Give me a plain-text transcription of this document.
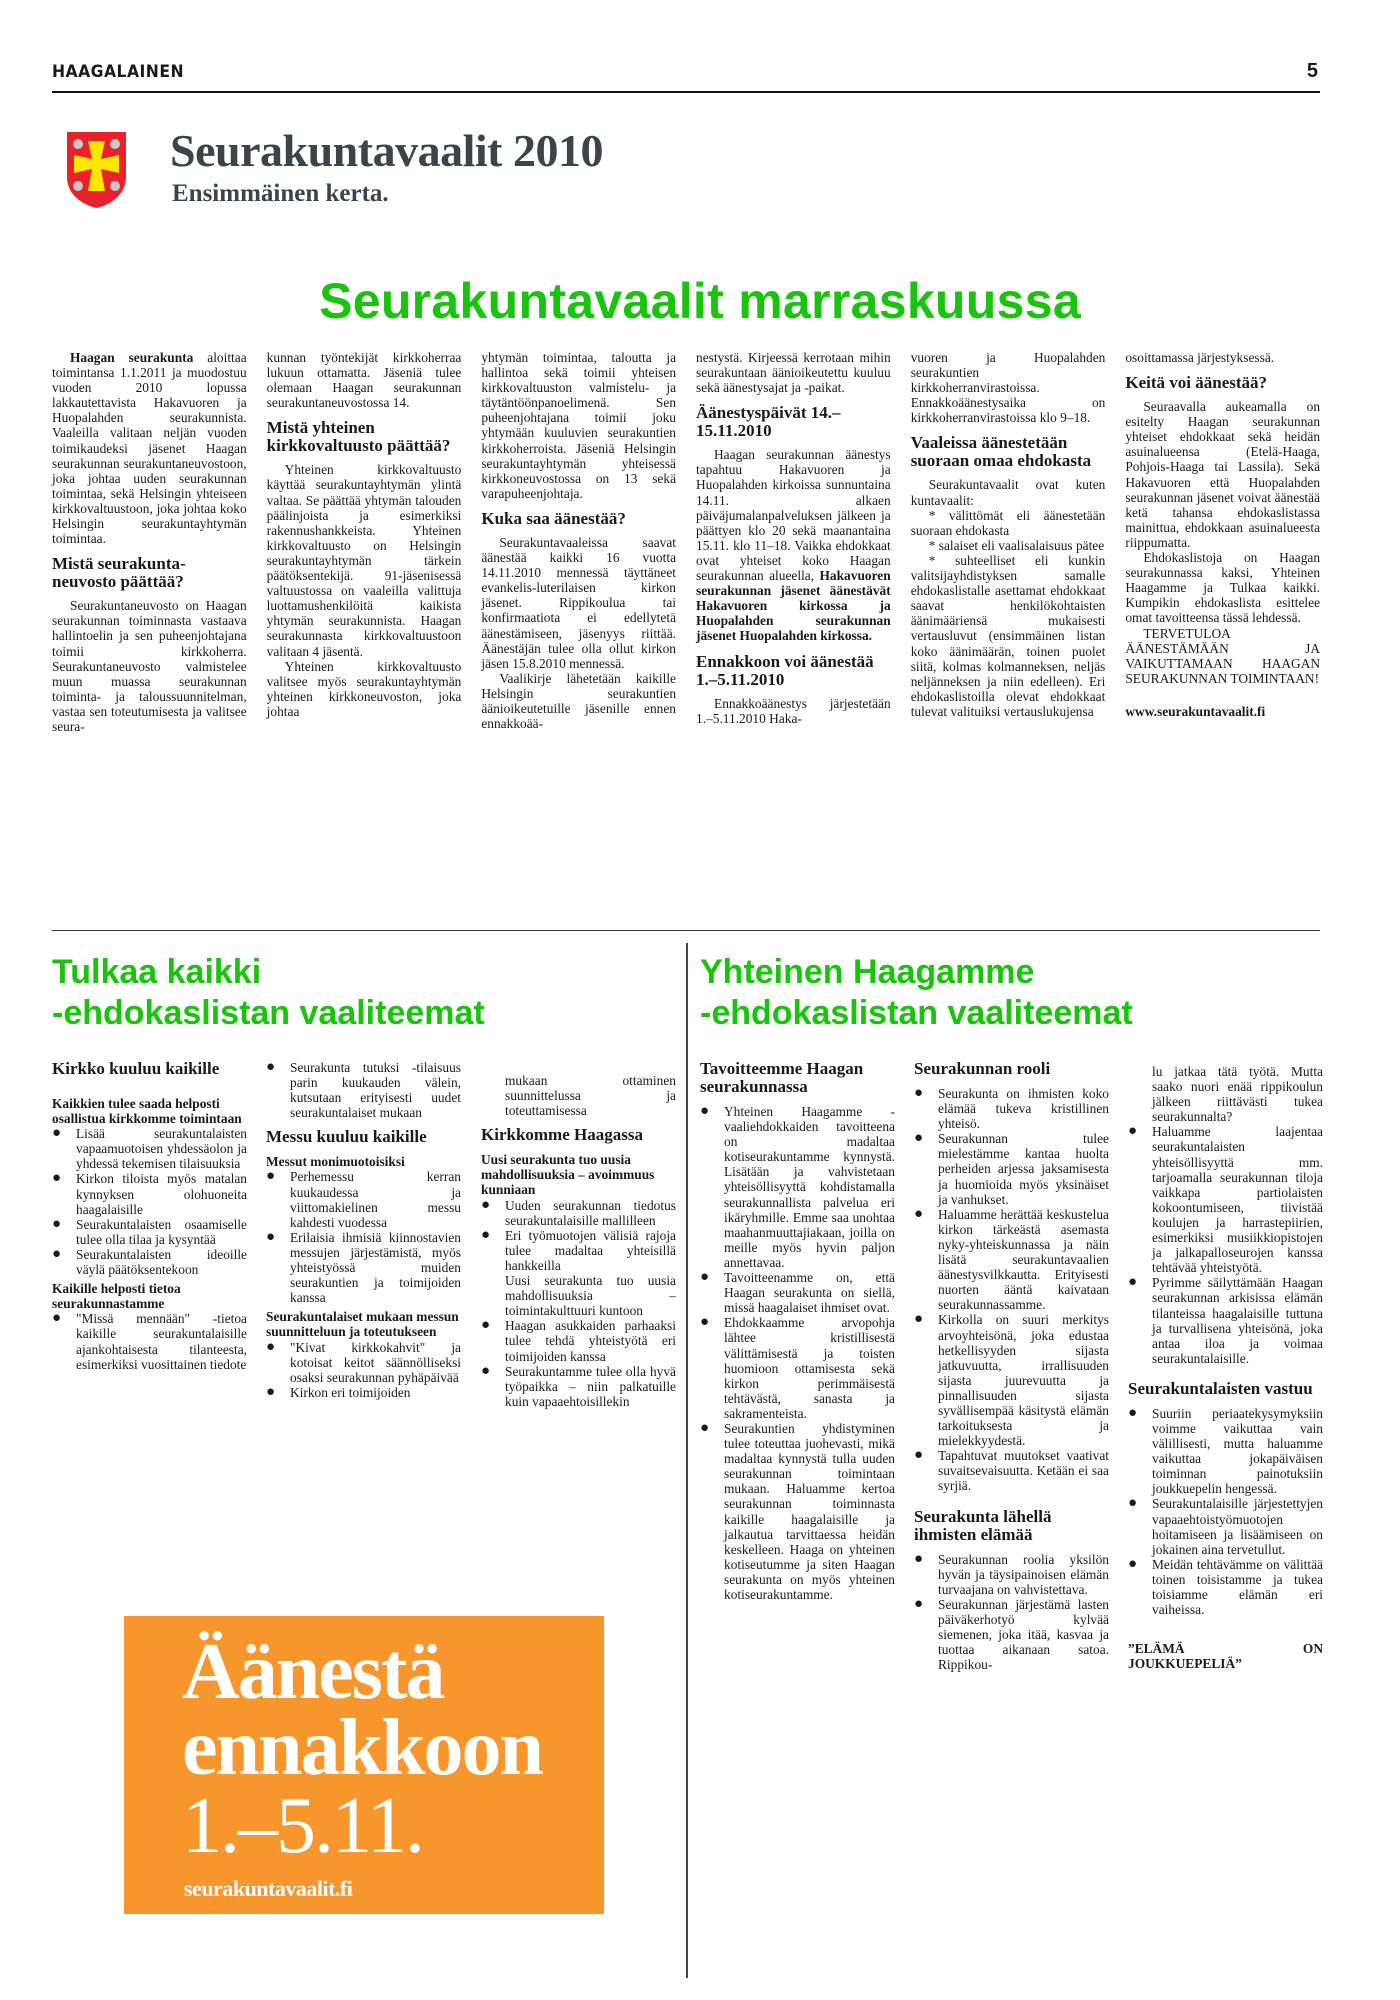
HAAGALAINEN	5
Seurakuntavaalit 2010
Ensimmäinen kerta.
Seurakuntavaalit marraskuussa

Haagan seurakunta aloittaa toimintansa 1.1.2011 ja muodostuu vuoden 2010 lopussa lakkautettavista Hakavuoren ja Huopalahden seurakunnista. Vaaleilla valitaan neljän vuoden toimikaudeksi jäsenet Haagan seurakunnan seurakuntaneuvostoon, joka johtaa uuden seurakunnan toimintaa, sekä Helsingin yhteiseen kirkkovaltuustoon, joka johtaa koko Helsingin seurakuntayhtymän toimintaa.

Mistä seurakunta-neuvosto päättää?

Seurakuntaneuvosto on Haagan seurakunnan toiminnasta vastaava hallintoelin ja sen puheenjohtajana toimii kirkkoherra. Seurakuntaneuvosto valmistelee muun muassa seurakunnan toiminta- ja taloussuunnitelman, vastaa sen toteutumisesta ja valitsee seura-

kunnan työntekijät kirkkoherraa lukuun ottamatta. Jäseniä tulee olemaan Haagan seurakunnan seurakuntaneuvostossa 14.

Mistä yhteinen kirkkovaltuusto päättää?

Yhteinen kirkkovaltuusto käyttää seurakuntayhtymän ylintä valtaa. Se päättää yhtymän talouden päälinjoista ja esimerkiksi rakennushankkeista. Yhteinen kirkkovaltuusto on Helsingin seurakuntayhtymän tärkein päätöksentekijä. 91-jäsenisessä valtuustossa on vaaleilla valittuja luottamushenkilöitä kaikista yhtymän seurakunnista. Haagan seurakunnasta kirkkovaltuustoon valitaan 4 jäsentä.

Yhteinen kirkkovaltuusto valitsee myös seurakuntayhtymän yhteinen kirkkoneuvoston, joka johtaa

yhtymän toimintaa, taloutta ja hallintoa sekä toimii yhteisen kirkkovaltuuston valmistelu- ja täytäntöönpanoelimenä. Sen puheenjohtajana toimii joku yhtymään kuuluvien seurakuntien kirkkoherroista. Jäseniä Helsingin seurakuntayhtymän yhteisessä kirkkoneuvostossa on 13 sekä varapuheenjohtaja.

Kuka saa äänestää?

Seurakuntavaaleissa saavat äänestää kaikki 16 vuotta 14.11.2010 mennessä täyttäneet evankelis-luterilaisen kirkon jäsenet. Rippikoulua tai konfirmaatiota ei edellytetä äänestämiseen, jäsenyys riittää. Äänestäjän tulee olla ollut kirkon jäsen 15.8.2010 mennessä.

Vaalikirje lähetetään kaikille Helsingin seurakuntien äänioikeutetuille jäsenille ennen ennakkoää-

nestystä. Kirjeessä kerrotaan mihin seurakuntaan äänioikeutettu kuuluu sekä äänestysajat ja -paikat.

Äänestyspäivät 14.–15.11.2010

Haagan seurakunnan äänestys tapahtuu Hakavuoren ja Huopalahden kirkoissa sunnuntaina 14.11. alkaen päiväjumalanpalveluksen jälkeen ja päättyen klo 20 sekä maanantaina 15.11. klo 11–18. Vaikka ehdokkaat ovat yhteiset koko Haagan seurakunnan alueella, Hakavuoren seurakunnan jäsenet äänestävät Hakavuoren kirkossa ja Huopalahden seurakunnan jäsenet Huopalahden kirkossa.

Ennakkoon voi äänestää 1.–5.11.2010

Ennakkoäänestys järjestetään 1.–5.11.2010 Haka-

vuoren ja Huopalahden seurakuntien kirkkoherranvirastoissa. Ennakkoäänestysaika on kirkkoherranvirastoissa klo 9–18.

Vaaleissa äänestetään suoraan omaa ehdokasta

Seurakuntavaalit ovat kuten kuntavaalit:

* välittömät eli äänestetään suoraan ehdokasta

* salaiset eli vaalisalaisuus pätee

* suhteelliset eli kunkin valitsijayhdistyksen samalle ehdokaslistalle asettamat ehdokkaat saavat henkilökohtaisten äänimääriensä mukaisesti vertausluvut (ensimmäinen listan koko äänimäärän, toinen puolet siitä, kolmas kolmanneksen, neljäs neljänneksen ja niin edelleen). Eri ehdokaslistoilla olevat ehdokkaat tulevat valituiksi vertauslukujensa

osoittamassa järjestyksessä.

Keitä voi äänestää?

Seuraavalla aukeamalla on esitelty Haagan seurakunnan yhteiset ehdokkaat sekä heidän asuinalueensa (Etelä-Haaga, Pohjois-Haaga tai Lassila). Sekä Hakavuoren että Huopalahden seurakunnan jäsenet voivat äänestää ketä tahansa ehdokaslistassa mainittua, ehdokkaan asuinalueesta riippumatta.

Ehdokaslistoja on Haagan seurakunnassa kaksi, Yhteinen Haagamme ja Tulkaa kaikki. Kumpikin ehdokaslista esittelee omat tavoitteensa tässä lehdessä.

TERVETULOA ÄÄNESTÄMÄÄN JA VAIKUTTAMAAN HAAGAN SEURAKUNNAN TOIMINTAAN!

www.seurakuntavaalit.fi

Tulkaa kaikki
-ehdokaslistan vaaliteemat
Yhteinen Haagamme
-ehdokaslistan vaaliteemat
Kirkko kuuluu kaikille
Kaikkien tulee saada helposti osallistua kirkkomme toimintaan
● Lisää seurakuntalaisten vapaamuotoisen yhdessäolon ja yhdessä tekemisen tilaisuuksia
● Kirkon tiloista myös matalan kynnyksen olohuoneita haagalaisille
● Seurakuntalaisten osaamiselle tulee olla tilaa ja kysyntää
● Seurakuntalaisten ideoille väylä päätöksentekoon
Kaikille helposti tietoa seurakunnastamme
● "Missä mennään" -tietoa kaikille seurakuntalaisille ajankohtaisesta tilanteesta, esimerkiksi vuosittainen tiedote
● Seurakunta tutuksi -tilaisuus parin kuukauden välein, kutsutaan erityisesti uudet seurakuntalaiset mukaan
Messu kuuluu kaikille
Messut monimuotoisiksi
● Perhemessu kerran kuukaudessa ja viittomakielinen messu kahdesti vuodessa
● Erilaisia ihmisiä kiinnostavien messujen järjestämistä, myös yhteistyössä muiden seurakuntien ja toimijoiden kanssa
Seurakuntalaiset mukaan messun suunnitteluun ja toteutukseen
● "Kivat kirkkokahvit" ja kotoisat keitot säännölliseksi osaksi seurakunnan pyhäpäivää
● Kirkon eri toimijoiden

mukaan ottaminen suunnittelussa ja toteuttamisessa

Kirkkomme Haagassa
Uusi seurakunta tuo uusia mahdollisuuksia – avoimmuus kunniaan
● Uuden seurakunnan tiedotus seurakuntalaisille mallilleen
● Eri työmuotojen välisiä rajoja tulee madaltaa yhteisillä hankkeilla

Uusi seurakunta tuo uusia mahdollisuuksia – toimintakulttuuri kuntoon

● Haagan asukkaiden parhaaksi tulee tehdä yhteistyötä eri toimijoiden kanssa
● Seurakuntamme tulee olla hyvä työpaikka – niin palkatuille kuin vapaaehtoisillekin
Tavoitteemme Haagan seurakunnassa
● Yhteinen Haagamme -vaaliehdokkaiden tavoitteena on madaltaa kotiseurakuntamme kynnystä. Lisätään ja vahvistetaan yhteisöllisyyttä kohdistamalla seurakunnallista palvelua eri ikäryhmille. Emme saa unohtaa maahanmuuttajiakaan, joilla on meille myös hyvin paljon annettavaa.
● Tavoitteenamme on, että Haagan seurakunta on siellä, missä haagalaiset ihmiset ovat.
● Ehdokkaamme arvopohja lähtee kristillisestä välittämisestä ja toisten huomioon ottamisesta sekä kirkon perimmäisestä tehtävästä, sanasta ja sakramenteista.
● Seurakuntien yhdistyminen tulee toteuttaa juohevasti, mikä madaltaa kynnystä tulla uuden seurakunnan toimintaan mukaan. Haluamme kertoa seurakunnan toiminnasta kaikille haagalaisille ja jalkautua tarvittaessa heidän keskelleen. Haaga on yhteinen kotiseutumme ja siten Haagan seurakunta on myös yhteinen kotiseurakuntamme.
Seurakunnan rooli
● Seurakunta on ihmisten koko elämää tukeva kristillinen yhteisö.
● Seurakunnan tulee mielestämme kantaa huolta perheiden arjessa jaksamisesta ja huomioida myös yksinäiset ja vanhukset.
● Haluamme herättää keskustelua kirkon tärkeästä asemasta nyky-yhteiskunnassa ja näin lisätä seurakuntavaalien äänestysvilkkautta. Erityisesti nuorten ääntä kaivataan seurakunnassamme.
● Kirkolla on suuri merkitys arvoyhteisönä, joka edustaa hetkellisyyden sijasta jatkuvuutta, irrallisuuden sijasta juurevuutta ja pinnallisuuden sijasta syvällisempää käsitystä elämän tarkoituksesta ja mielekkyydestä.
● Tapahtuvat muutokset vaativat suvaitsevaisuutta. Ketään ei saa syrjiä.
Seurakunta lähellä ihmisten elämää
● Seurakunnan roolia yksilön hyvän ja täysipainoisen elämän turvaajana on vahvistettava.
● Seurakunnan järjestämä lasten päiväkerhotyö kylvää siemenen, joka itää, kasvaa ja tuottaa aikanaan satoa. Rippikou-

lu jatkaa tätä työtä. Mutta saako nuori enää rippikoulun jälkeen riittävästi tukea seurakunnalta?

● Haluamme laajentaa seurakuntalaisten yhteisöllisyyttä mm. tarjoamalla seurakunnan tiloja vaikkapa partiolaisten kokoontumiseen, tiivistää koulujen ja harrastepiirien, esimerkiksi musiikkiopistojen ja jalkapalloseurojen kanssa tehtävää yhteistyötä.
● Pyrimme säilyttämään Haagan seurakunnan arkisissa elämän tilanteissa haagalaisille tuttuna ja turvallisena yhteisönä, joka antaa iloa ja voimaa seurakuntalaisille.
Seurakuntalaisten vastuu
● Suuriin periaatekysymyksiin voimme vaikuttaa vain välillisesti, mutta haluamme vaikuttaa jokapäiväisen toiminnan painotuksiin joukkuepelin hengessä.
● Seurakuntalaisille järjestettyjen vapaaehtoistyömuotojen hoitamiseen ja lisäämiseen on jokainen aina tervetullut.
● Meidän tehtävämme on välittää toinen toisistamme ja tukea toisiamme elämän eri vaiheissa.

”ELÄMÄ ON JOUKKUEPELIÄ”

Äänestä
ennakkoon
1.–5.11.
seurakuntavaalit.fi
